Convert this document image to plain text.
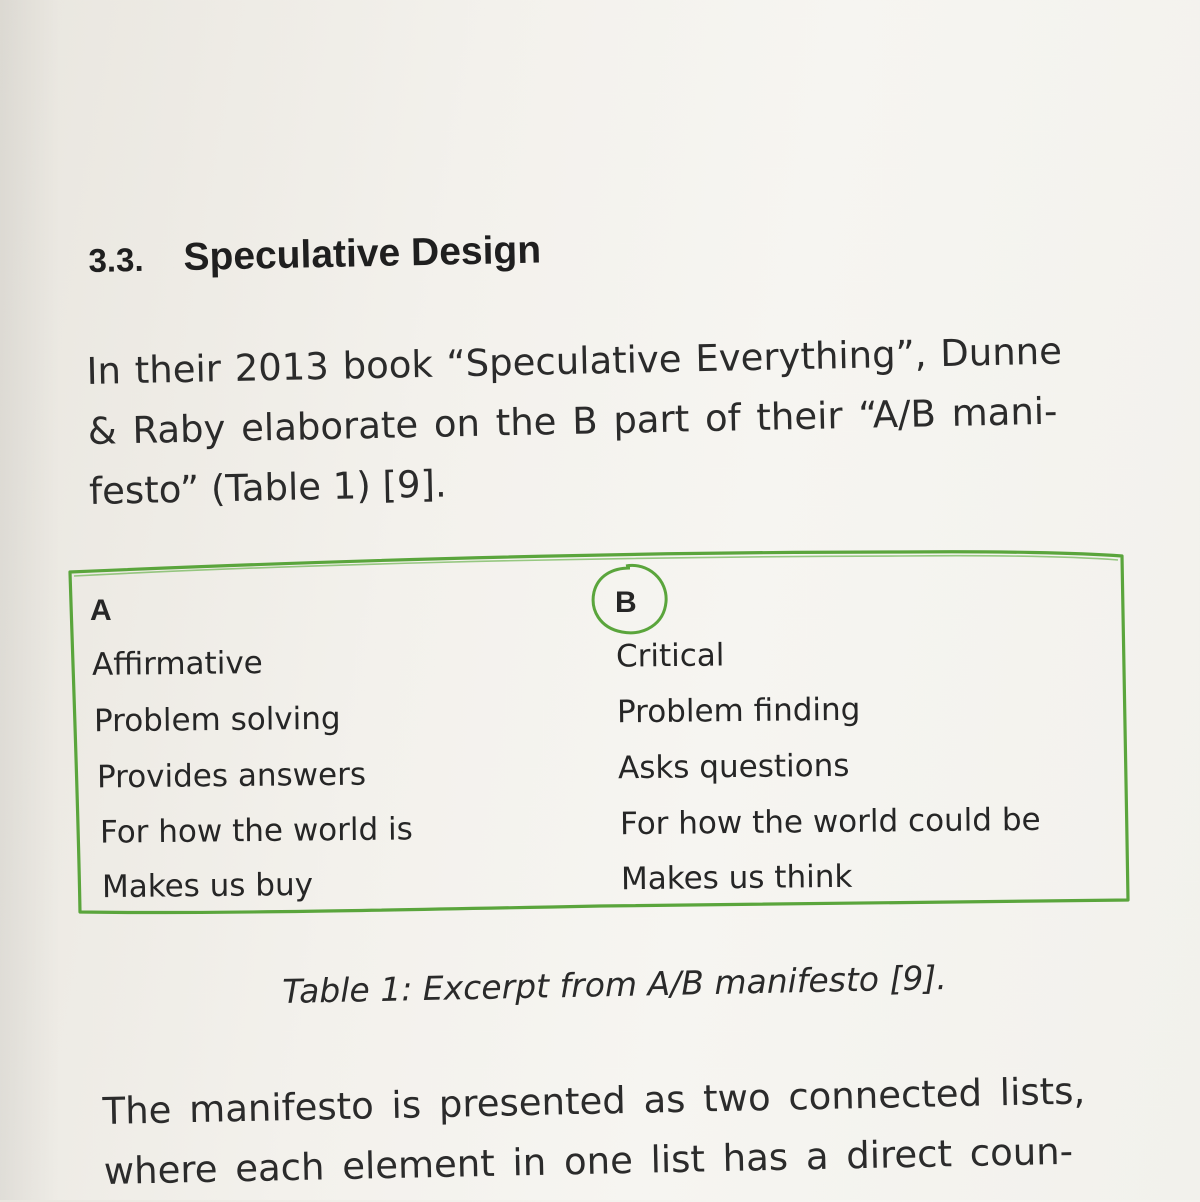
3.3. Speculative Design
In their 2013 book “Speculative Everything”, Dunne
& Raby elaborate on the B part of their “A/B mani-
festo” (Table 1) [9].
A
Affirmative
Problem solving
Provides answers
For how the world is
Makes us buy
B
Critical
Problem finding
Asks questions
For how the world could be
Makes us think
Table 1: Excerpt from A/B manifesto [9].
The manifesto is presented as two connected lists,
where each element in one list has a direct coun-
